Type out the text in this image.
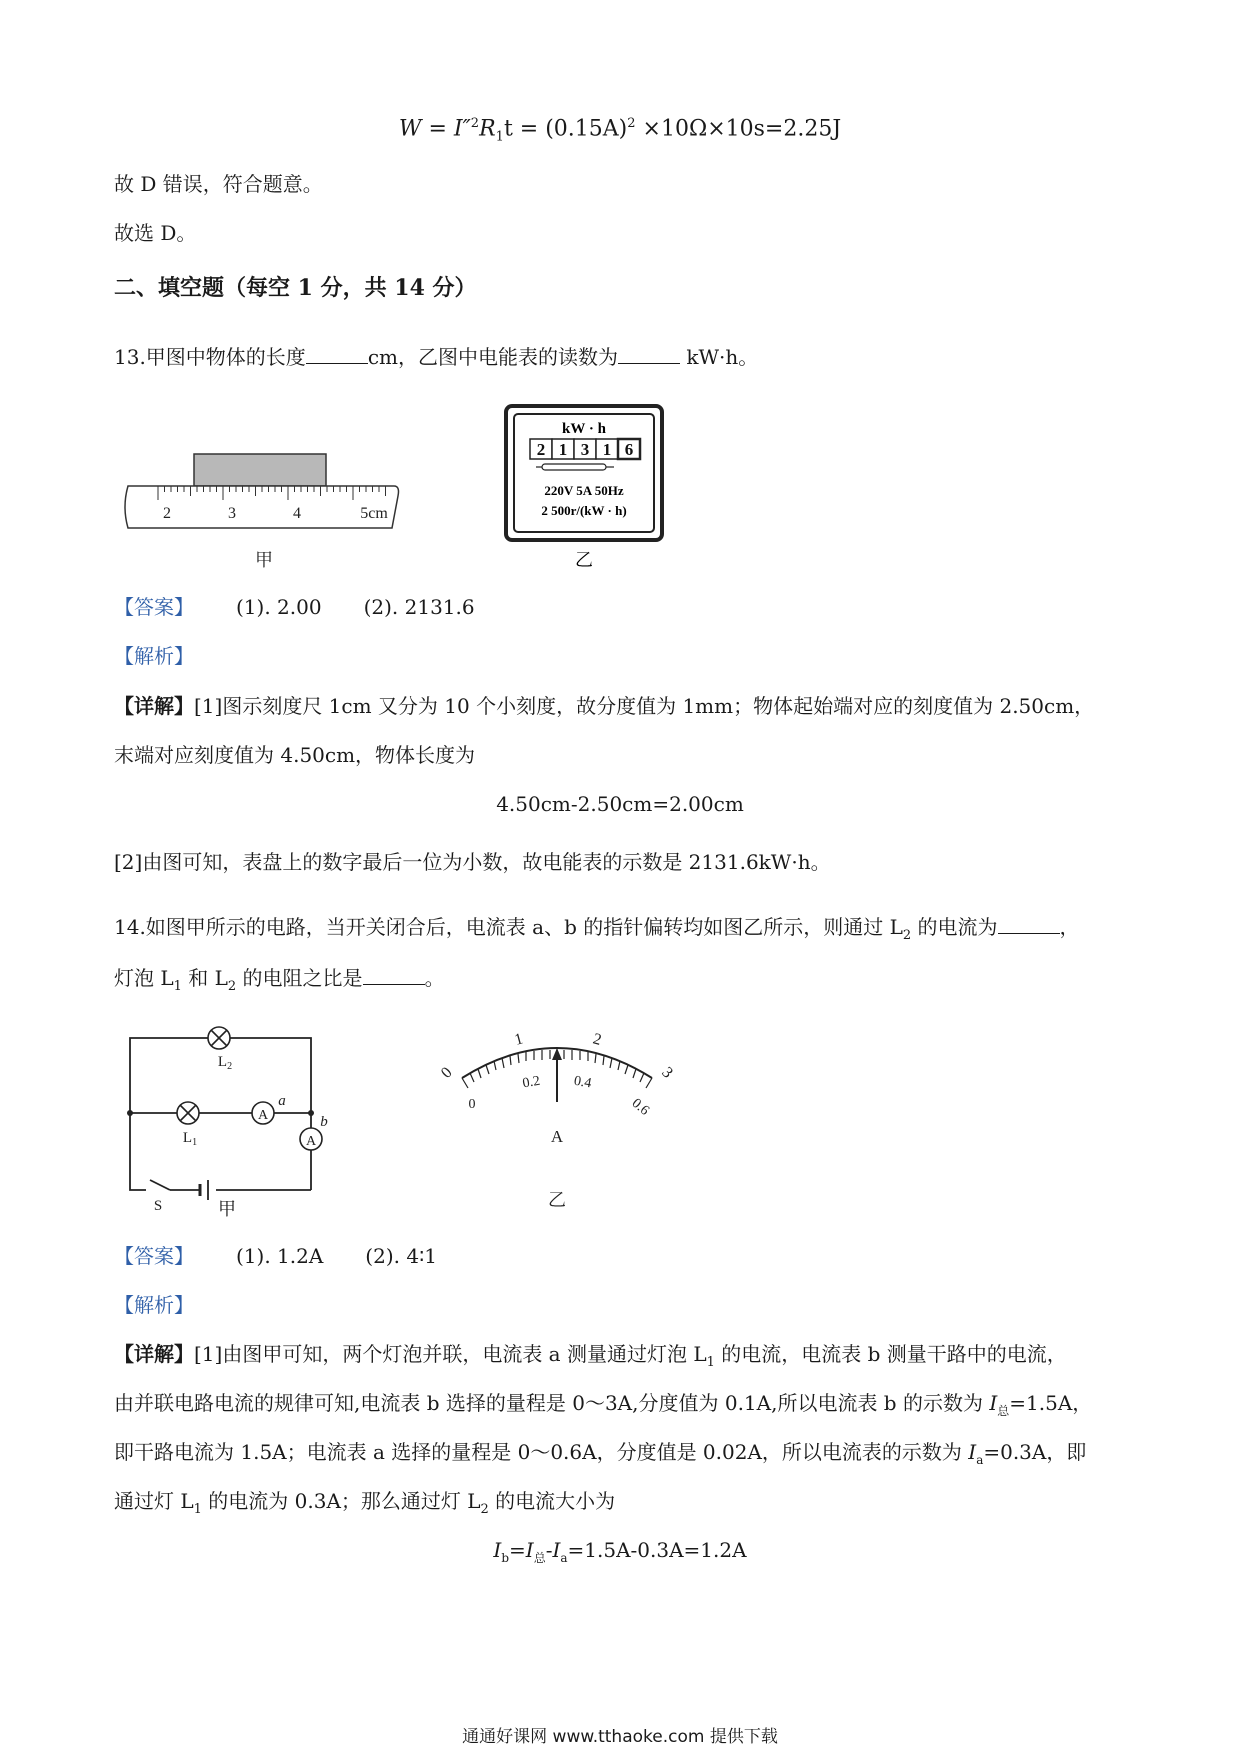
$W = I''^2R_1t = (0.15A)^2 \times 10\Omega\times 10s=2.25J$
故 D 错误，符合题意。
故选 D。
二、填空题（每空 1 分，共 14 分）
13.甲图中物体的长度	cm，乙图中电能表的读数为	kW·h。
2	3	4	5cm
甲
kW · h
2 1 3 1 6
220V 5A 50Hz
2 500r/(kW · h)
乙
【答案】 (1). 2.00 (2). 2131.6
【解析】
【详解】[1]图示刻度尺 1cm 又分为 10 个小刻度，故分度值为 1mm；物体起始端对应的刻度值为 2.50cm，
末端对应刻度值为 4.50cm，物体长度为
4.50cm-2.50cm=2.00cm
[2]由图可知，表盘上的数字最后一位为小数，故电能表的示数是 2131.6kW·h。
14.如图甲所示的电路，当开关闭合后，电流表 a、b 的指针偏转均如图乙所示，则通过 $L_2$ 的电流为	，
灯泡 $L_1$ 和 $L_2$ 的电阻之比是	。
A
A
a
b
$L_2$
$L_1$
S	甲
0
1	2
3
0
0.2 0.4
0.6
A
乙
【答案】 (1). 1.2A (2). 4∶1
【解析】
【详解】[1]由图甲可知，两个灯泡并联，电流表 a 测量通过灯泡 $L_1$ 的电流，电流表 b 测量干路中的电流，
由并联电路电流的规律可知,电流表 b 选择的量程是 0～3A,分度值为 0.1A,所以电流表 b 的示数为 $I_总=1.5A$，
即干路电流为 1.5A；电流表 a 选择的量程是 0～0.6A，分度值是 0.02A，所以电流表的示数为 $I_a=0.3A$，即
通过灯 $L_1$ 的电流为 0.3A；那么通过灯 $L_2$ 的电流大小为
$I_b=I_总-I_a=1.5A-0.3A=1.2A$
通通好课网 www.tthaoke.com 提供下载
